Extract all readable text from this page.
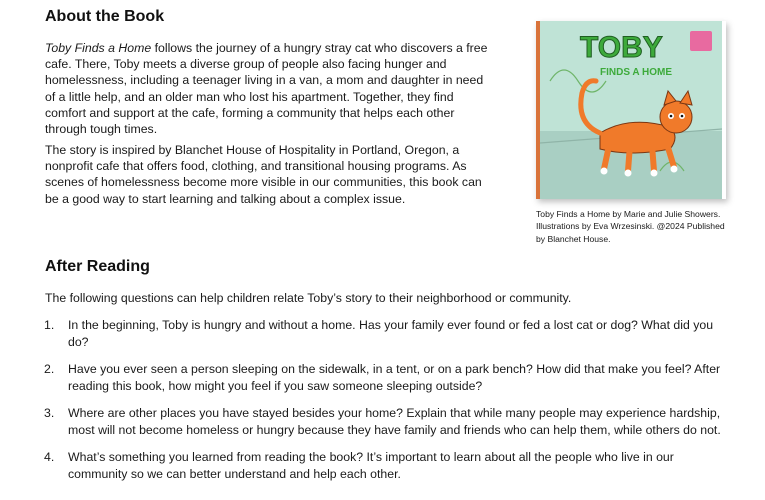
About the Book

Toby Finds a Home follows the journey of a hungry stray cat who discovers a free cafe. There, Toby meets a diverse group of people also facing hunger and homelessness, including a teenager living in a van, a mom and daughter in need of a little help, and an older man who lost his apartment. Together, they find comfort and support at the cafe, forming a community that helps each other through tough times.

The story is inspired by Blanchet House of Hospitality in Portland, Oregon, a nonprofit cafe that offers food, clothing, and transitional housing programs. As scenes of homelessness become more visible in our communities, this book can be a good way to start learning and talking about a complex issue.

TOBY
FINDS A HOME
Toby Finds a Home by Marie and Julie Showers. Illustrations by Eva Wrzesinski. @2024 Published by Blanchet House.
After Reading

The following questions can help children relate Toby’s story to their neighborhood or community.

1. In the beginning, Toby is hungry and without a home. Has your family ever found or fed a lost cat or dog? What did you do?
2. Have you ever seen a person sleeping on the sidewalk, in a tent, or on a park bench? How did that make you feel? After reading this book, how might you feel if you saw someone sleeping outside?
3. Where are other places you have stayed besides your home? Explain that while many people may experience hardship, most will not become homeless or hungry because they have family and friends who can help them, while others do not.
4. What’s something you learned from reading the book? It’s important to learn about all the people who live in our community so we can better understand and help each other.
